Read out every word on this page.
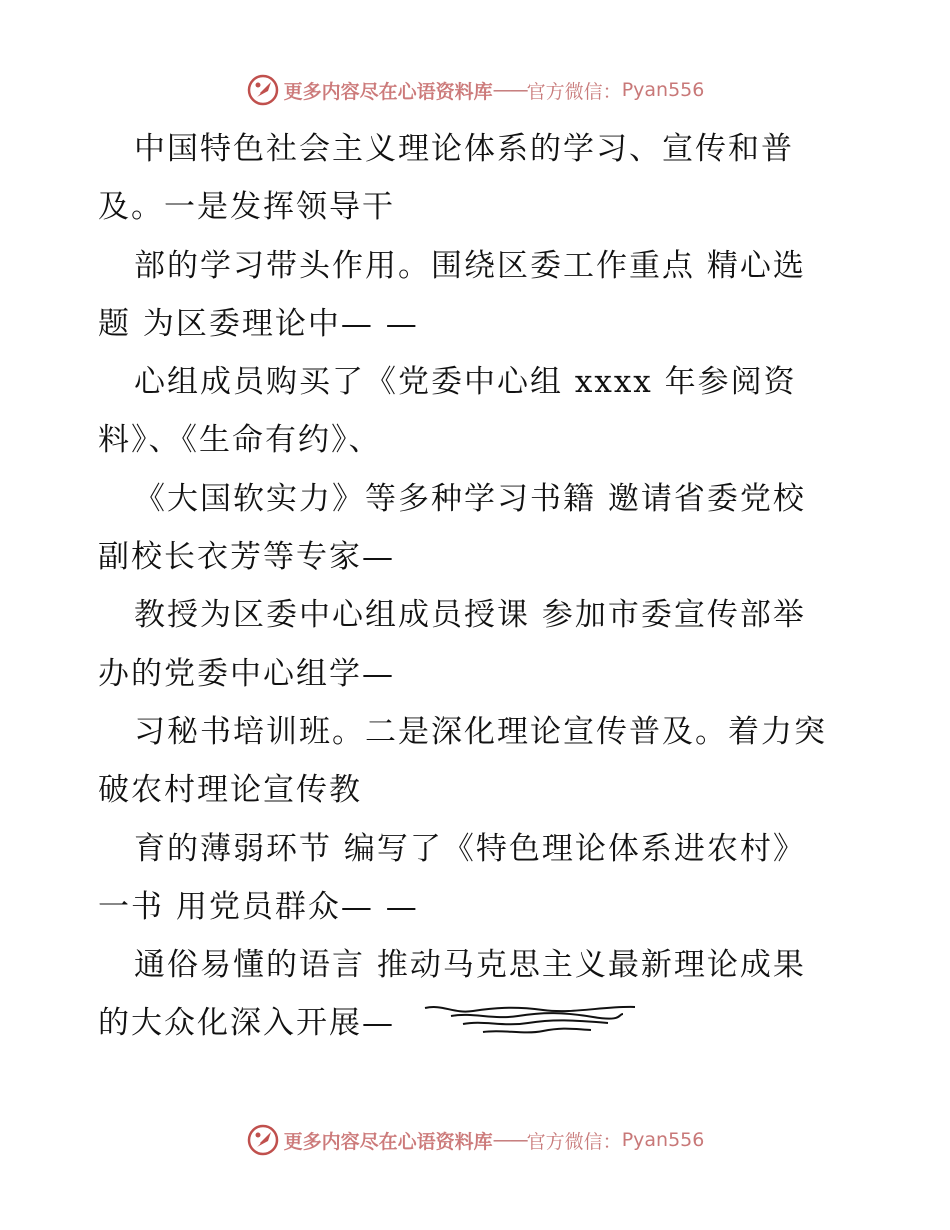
更多内容尽在心语资料库 —— 官方微信： Pyan556
中国特色社会主义理论体系的学习、宣传和普
及。一是发挥领导干
部的学习带头作用。围绕区委工作重点 精心选
题 为区委理论中— —
心组成员购买了《党委中心组 xxxx 年参阅资
料》、《生命有约》、
《大国软实力》等多种学习书籍 邀请省委党校
副校长衣芳等专家—
教授为区委中心组成员授课 参加市委宣传部举
办的党委中心组学—
习秘书培训班。二是深化理论宣传普及。着力突
破农村理论宣传教
育的薄弱环节 编写了《特色理论体系进农村》
一书 用党员群众— —
通俗易懂的语言 推动马克思主义最新理论成果
的大众化深入开展—
更多内容尽在心语资料库 —— 官方微信： Pyan556
